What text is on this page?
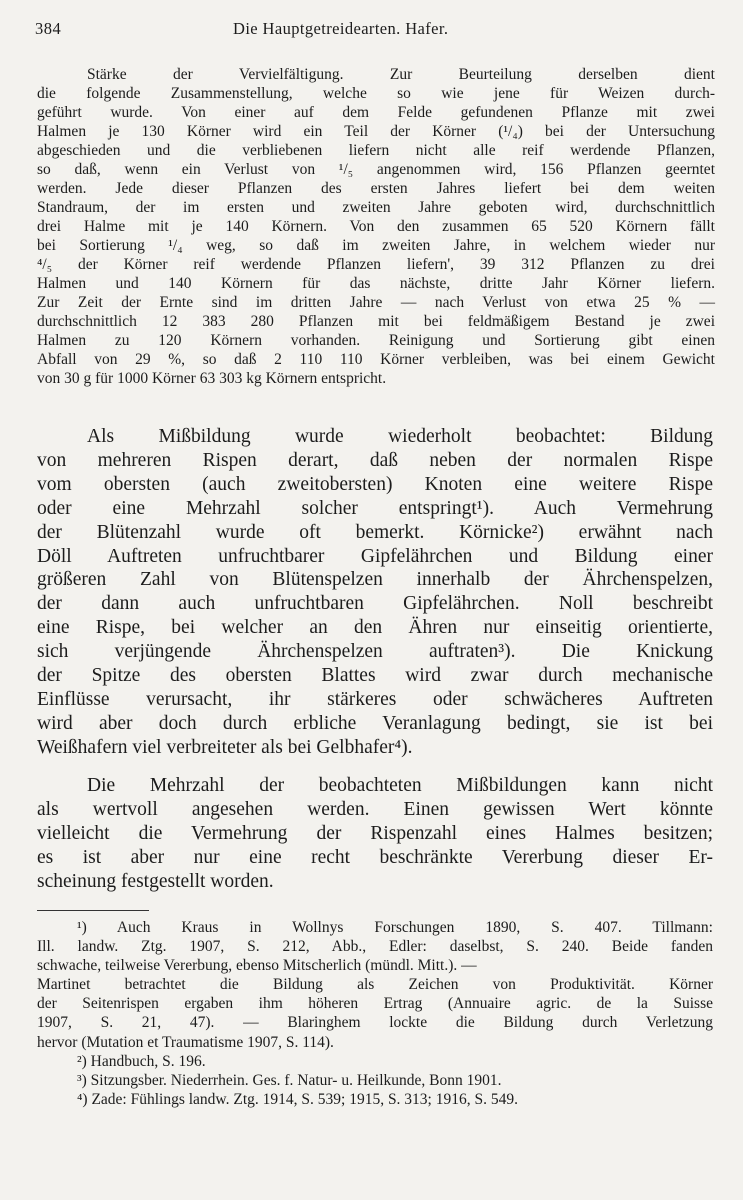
384	Die Hauptgetreidearten. Hafer.
Stärke der Vervielfältigung. Zur Beurteilung derselben dient
die folgende Zusammenstellung, welche so wie jene für Weizen durch-
geführt wurde. Von einer auf dem Felde gefundenen Pflanze mit zwei
Halmen je 130 Körner wird ein Teil der Körner (¹/₄) bei der Untersuchung
abgeschieden und die verbliebenen liefern nicht alle reif werdende Pflanzen,
so daß, wenn ein Verlust von ¹/₅ angenommen wird, 156 Pflanzen geerntet
werden. Jede dieser Pflanzen des ersten Jahres liefert bei dem weiten
Standraum, der im ersten und zweiten Jahre geboten wird, durchschnittlich
drei Halme mit je 140 Körnern. Von den zusammen 65 520 Körnern fällt
bei Sortierung ¹/₄ weg, so daß im zweiten Jahre, in welchem wieder nur
⁴/₅ der Körner reif werdende Pflanzen liefern', 39 312 Pflanzen zu drei
Halmen und 140 Körnern für das nächste, dritte Jahr Körner liefern.
Zur Zeit der Ernte sind im dritten Jahre — nach Verlust von etwa 25 % —
durchschnittlich 12 383 280 Pflanzen mit bei feldmäßigem Bestand je zwei
Halmen zu 120 Körnern vorhanden. Reinigung und Sortierung gibt einen
Abfall von 29 %, so daß 2 110 110 Körner verbleiben, was bei einem Gewicht
von 30 g für 1000 Körner 63 303 kg Körnern entspricht.
Als Mißbildung wurde wiederholt beobachtet: Bildung
von mehreren Rispen derart, daß neben der normalen Rispe
vom obersten (auch zweitobersten) Knoten eine weitere Rispe
oder eine Mehrzahl solcher entspringt¹). Auch Vermehrung
der Blütenzahl wurde oft bemerkt. Körnicke²) erwähnt nach
Döll Auftreten unfruchtbarer Gipfelährchen und Bildung einer
größeren Zahl von Blütenspelzen innerhalb der Ährchenspelzen,
der dann auch unfruchtbaren Gipfelährchen. Noll beschreibt
eine Rispe, bei welcher an den Ähren nur einseitig orientierte,
sich verjüngende Ährchenspelzen auftraten³). Die Knickung
der Spitze des obersten Blattes wird zwar durch mechanische
Einflüsse verursacht, ihr stärkeres oder schwächeres Auftreten
wird aber doch durch erbliche Veranlagung bedingt, sie ist bei
Weißhafern viel verbreiteter als bei Gelbhafer⁴).
Die Mehrzahl der beobachteten Mißbildungen kann nicht
als wertvoll angesehen werden. Einen gewissen Wert könnte
vielleicht die Vermehrung der Rispenzahl eines Halmes besitzen;
es ist aber nur eine recht beschränkte Vererbung dieser Er-
scheinung festgestellt worden.
¹) Auch Kraus in Wollnys Forschungen 1890, S. 407. Tillmann:
Ill. landw. Ztg. 1907, S. 212, Abb., Edler: daselbst, S. 240. Beide fanden
schwache, teilweise Vererbung, ebenso Mitscherlich (mündl. Mitt.). —
Martinet betrachtet die Bildung als Zeichen von Produktivität. Körner
der Seitenrispen ergaben ihm höheren Ertrag (Annuaire agric. de la Suisse
1907, S. 21, 47). — Blaringhem lockte die Bildung durch Verletzung
hervor (Mutation et Traumatisme 1907, S. 114).
²) Handbuch, S. 196.
³) Sitzungsber. Niederrhein. Ges. f. Natur- u. Heilkunde, Bonn 1901.
⁴) Zade: Fühlings landw. Ztg. 1914, S. 539; 1915, S. 313; 1916, S. 549.
